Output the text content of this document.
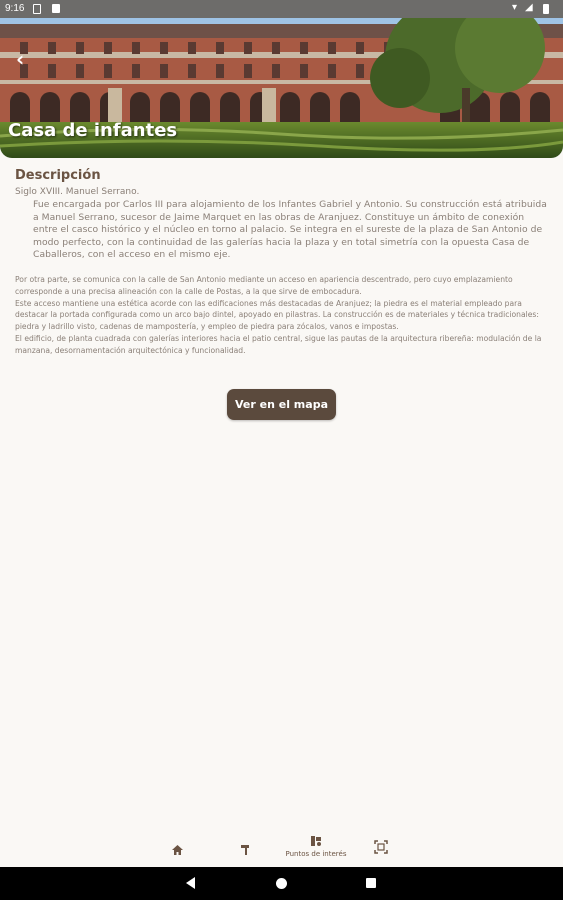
9:16	▾ ◢
‹
Casa de infantes
Descripción
Siglo XVIII. Manuel Serrano.
Fue encargada por Carlos III para alojamiento de los Infantes Gabriel y Antonio. Su construcción está atribuida a Manuel Serrano, sucesor de Jaime Marquet en las obras de Aranjuez. Constituye un ámbito de conexión entre el casco histórico y el núcleo en torno al palacio. Se integra en el sureste de la plaza de San Antonio de modo perfecto, con la continuidad de las galerías hacia la plaza y en total simetría con la opuesta Casa de Caballeros, con el acceso en el mismo eje.

Por otra parte, se comunica con la calle de San Antonio mediante un acceso en apariencia descentrado, pero cuyo emplazamiento corresponde a una precisa alineación con la calle de Postas, a la que sirve de embocadura.

Este acceso mantiene una estética acorde con las edificaciones más destacadas de Aranjuez; la piedra es el material empleado para destacar la portada configurada como un arco bajo dintel, apoyado en pilastras. La construcción es de materiales y técnica tradicionales: piedra y ladrillo visto, cadenas de mampostería, y empleo de piedra para zócalos, vanos e impostas.

El edificio, de planta cuadrada con galerías interiores hacia el patio central, sigue las pautas de la arquitectura ribereña: modulación de la manzana, desornamentación arquitectónica y funcionalidad.

Ver en el mapa
Puntos de interés
